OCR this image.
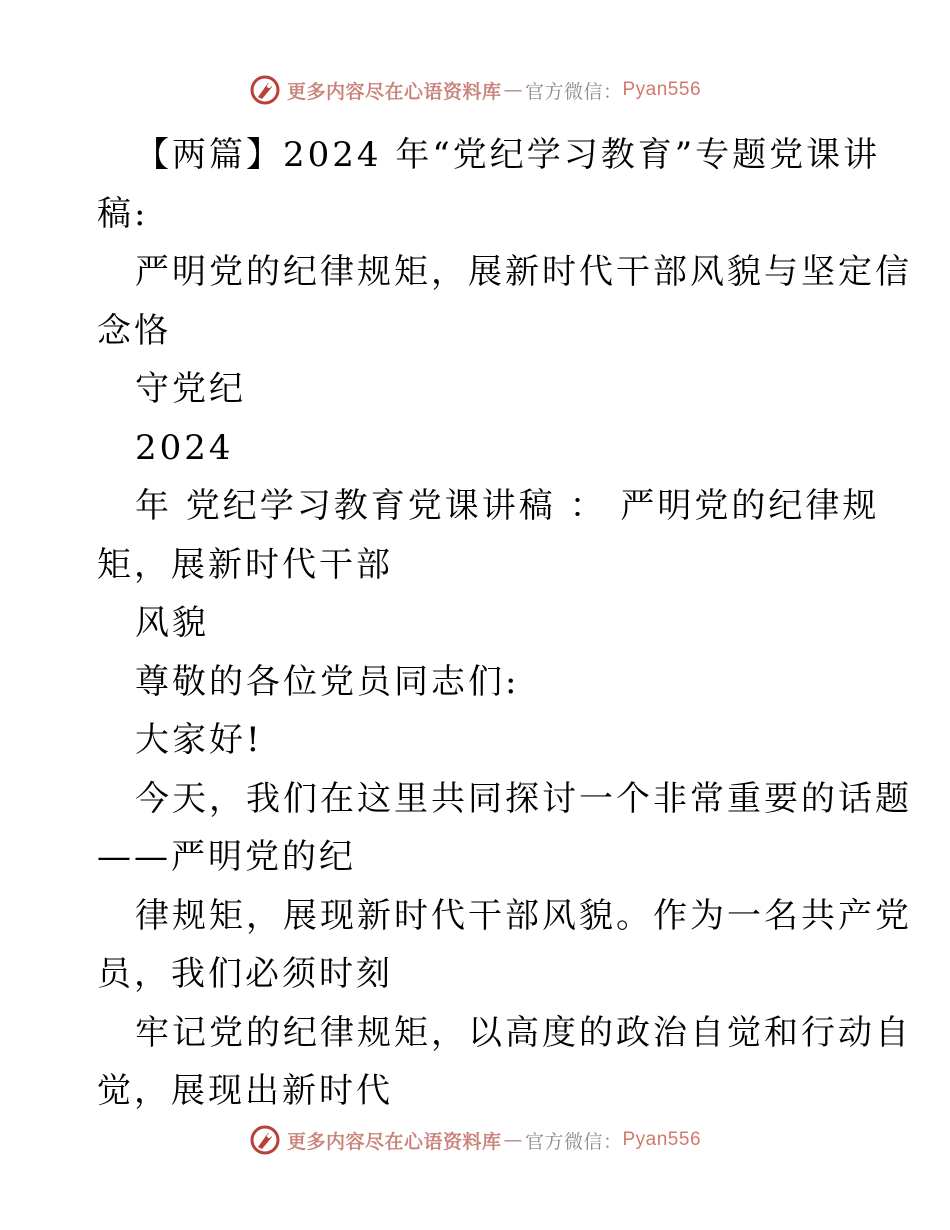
更多内容尽在心语资料库 — 官方微信： Pyan556

【两篇】2024 年“党纪学习教育”专题党课讲

稿:

严明党的纪律规矩，展新时代干部风貌与坚定信

念恪

守党纪

2024

年 党纪学习教育党课讲稿 ： 严明党的纪律规

矩，展新时代干部

风貌

尊敬的各位党员同志们:

大家好!

今天，我们在这里共同探讨一个非常重要的话题

——严明党的纪

律规矩，展现新时代干部风貌。作为一名共产党

员，我们必须时刻

牢记党的纪律规矩，以高度的政治自觉和行动自

觉，展现出新时代

更多内容尽在心语资料库 — 官方微信： Pyan556
